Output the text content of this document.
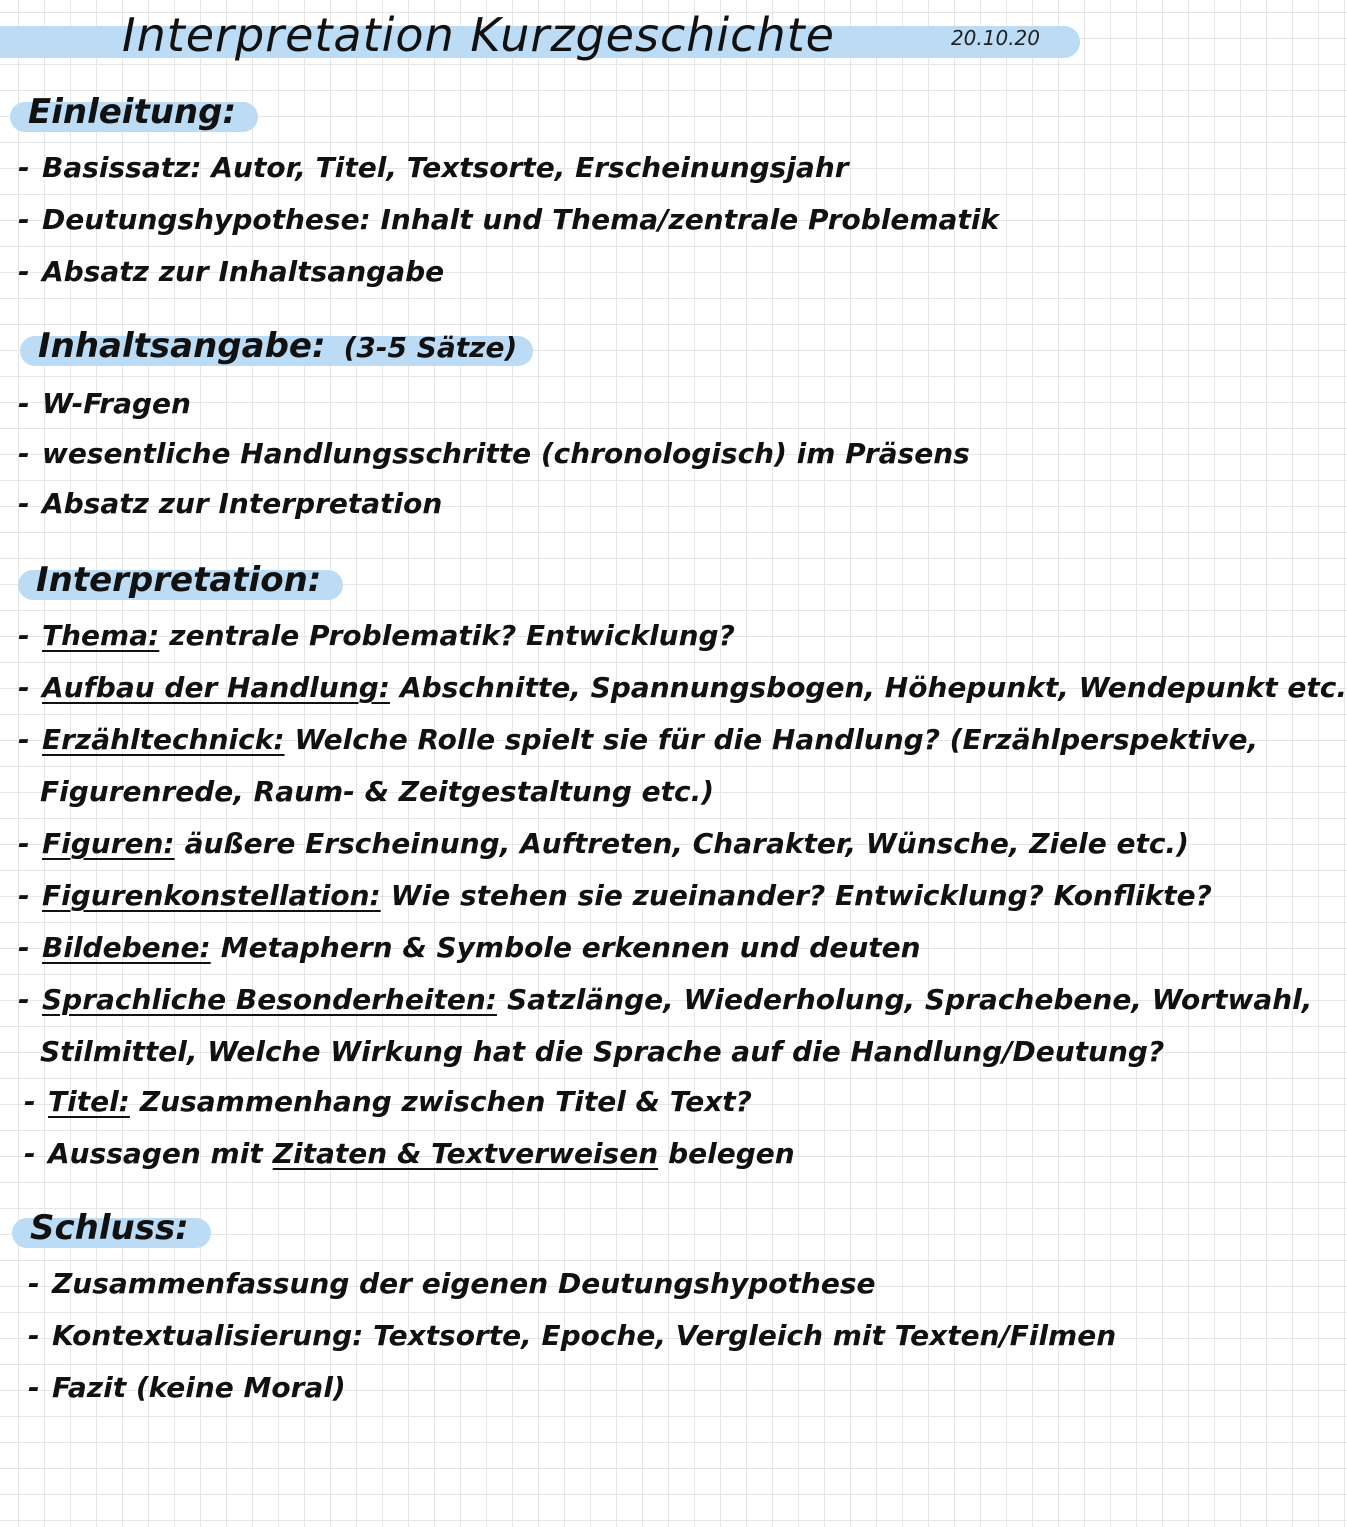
Interpretation Kurzgeschichte	20.10.20
Einleitung:
- Basissatz: Autor, Titel, Textsorte, Erscheinungsjahr
- Deutungshypothese: Inhalt und Thema/zentrale Problematik
- Absatz zur Inhaltsangabe
Inhaltsangabe: (3-5 Sätze)
- W-Fragen
- wesentliche Handlungsschritte (chronologisch) im Präsens
- Absatz zur Interpretation
Interpretation:
- Thema: zentrale Problematik? Entwicklung?
- Aufbau der Handlung: Abschnitte, Spannungsbogen, Höhepunkt, Wendepunkt etc.
- Erzähltechnick: Welche Rolle spielt sie für die Handlung? (Erzählperspektive,
Figurenrede, Raum- & Zeitgestaltung etc.)
- Figuren: äußere Erscheinung, Auftreten, Charakter, Wünsche, Ziele etc.)
- Figurenkonstellation: Wie stehen sie zueinander? Entwicklung? Konflikte?
- Bildebene: Metaphern & Symbole erkennen und deuten
- Sprachliche Besonderheiten: Satzlänge, Wiederholung, Sprachebene, Wortwahl,
Stilmittel, Welche Wirkung hat die Sprache auf die Handlung/Deutung?
- Titel: Zusammenhang zwischen Titel & Text?
- Aussagen mit Zitaten & Textverweisen belegen
Schluss:
- Zusammenfassung der eigenen Deutungshypothese
- Kontextualisierung: Textsorte, Epoche, Vergleich mit Texten/Filmen
- Fazit (keine Moral)
